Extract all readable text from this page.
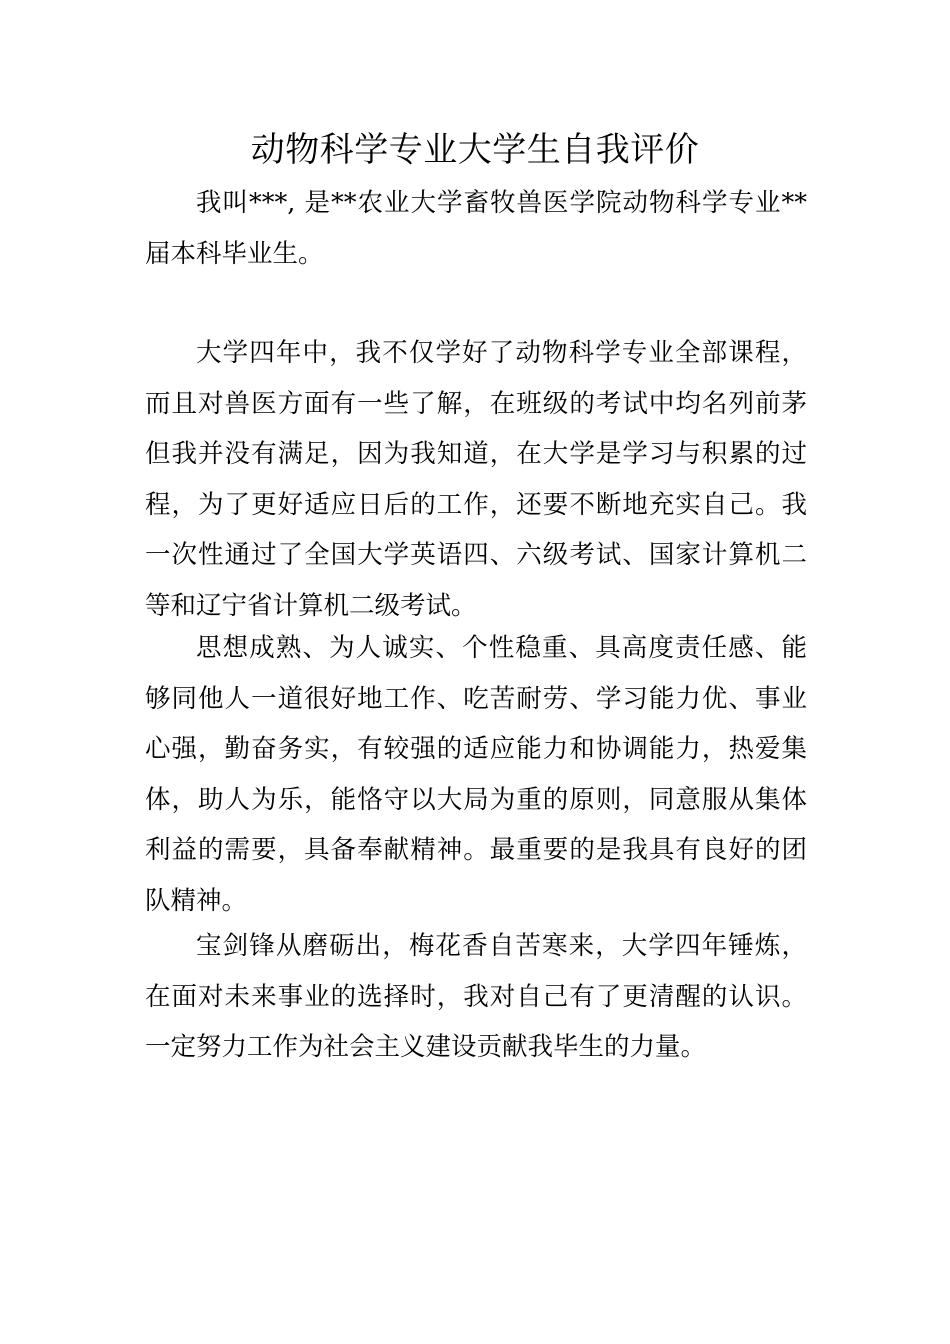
动物科学专业大学生自我评价

我叫***, 是**农业大学畜牧兽医学院动物科学专业**届本科毕业生。

大学四年中，我不仅学好了动物科学专业全部课程，而且对兽医方面有一些了解，在班级的考试中均名列前茅但我并没有满足，因为我知道，在大学是学习与积累的过程，为了更好适应日后的工作，还要不断地充实自己。我一次性通过了全国大学英语四、六级考试、国家计算机二等和辽宁省计算机二级考试。

思想成熟、为人诚实、个性稳重、具高度责任感、能够同他人一道很好地工作、吃苦耐劳、学习能力优、事业心强，勤奋务实，有较强的适应能力和协调能力，热爱集体，助人为乐，能恪守以大局为重的原则，同意服从集体利益的需要，具备奉献精神。最重要的是我具有良好的团队精神。

宝剑锋从磨砺出，梅花香自苦寒来，大学四年锤炼，在面对未来事业的选择时，我对自己有了更清醒的认识。一定努力工作为社会主义建设贡献我毕生的力量。
